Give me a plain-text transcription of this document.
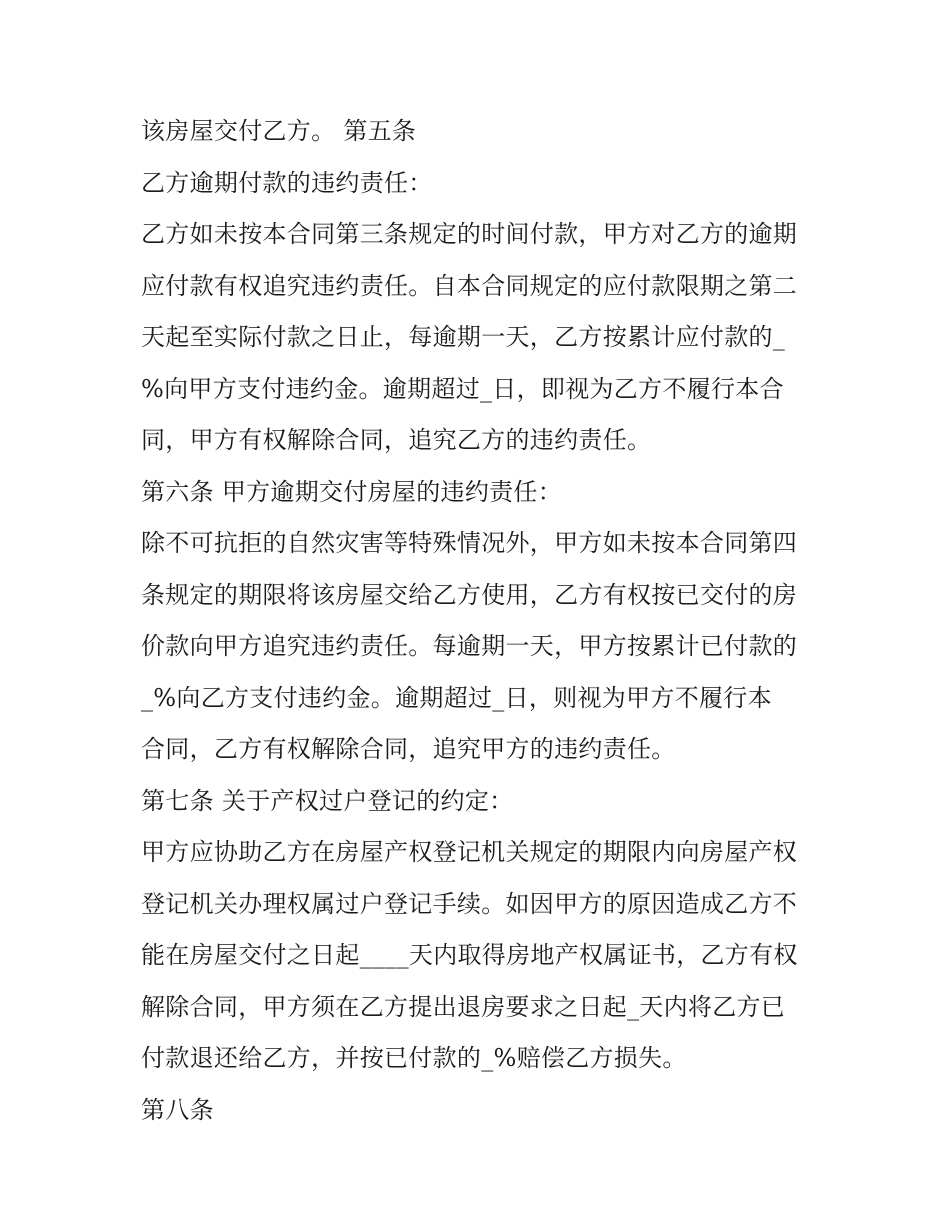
该房屋交付乙方。 第五条
乙方逾期付款的违约责任：
乙方如未按本合同第三条规定的时间付款，甲方对乙方的逾期
应付款有权追究违约责任。自本合同规定的应付款限期之第二
天起至实际付款之日止，每逾期一天，乙方按累计应付款的_
%向甲方支付违约金。逾期超过_日，即视为乙方不履行本合
同，甲方有权解除合同，追究乙方的违约责任。
第六条 甲方逾期交付房屋的违约责任：
除不可抗拒的自然灾害等特殊情况外，甲方如未按本合同第四
条规定的期限将该房屋交给乙方使用，乙方有权按已交付的房
价款向甲方追究违约责任。每逾期一天，甲方按累计已付款的
_%向乙方支付违约金。逾期超过_日，则视为甲方不履行本
合同，乙方有权解除合同，追究甲方的违约责任。
第七条 关于产权过户登记的约定：
甲方应协助乙方在房屋产权登记机关规定的期限内向房屋产权
登记机关办理权属过户登记手续。如因甲方的原因造成乙方不
能在房屋交付之日起____天内取得房地产权属证书，乙方有权
解除合同，甲方须在乙方提出退房要求之日起_天内将乙方已
付款退还给乙方，并按已付款的_%赔偿乙方损失。
第八条
